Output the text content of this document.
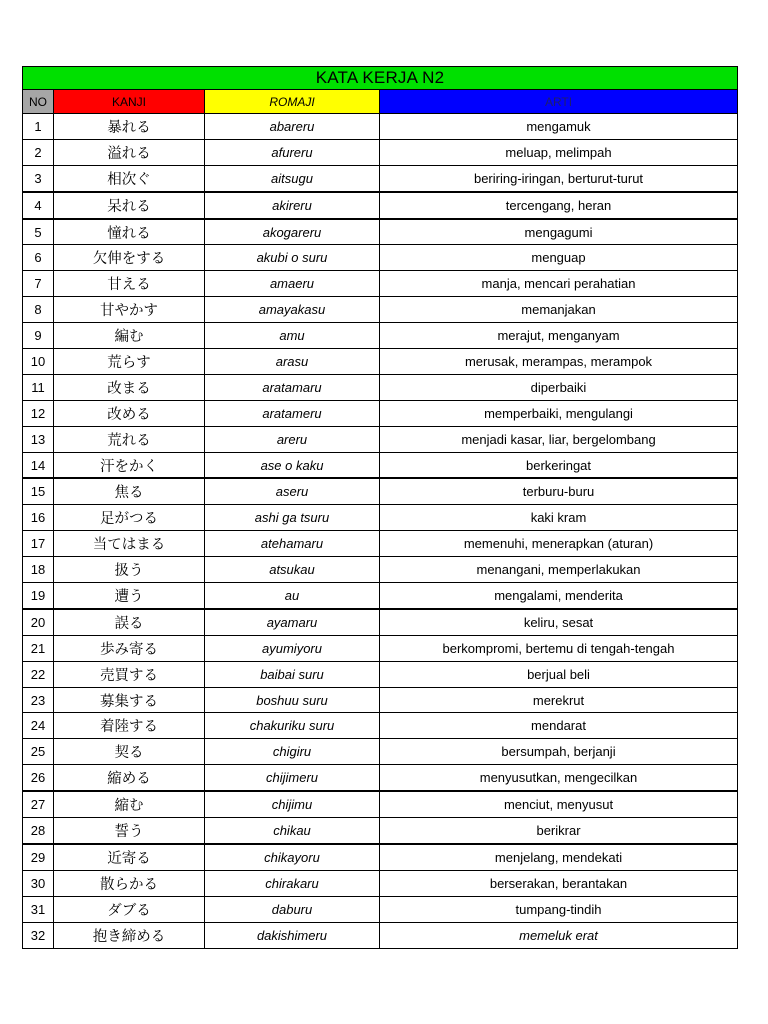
KATA KERJA N2			
NO	KANJI	ROMAJI	ARTI
1	暴れる	abareru	mengamuk
2	溢れる	afureru	meluap, melimpah
3	相次ぐ	aitsugu	beriring-iringan, berturut-turut
4	呆れる	akireru	tercengang, heran
5	憧れる	akogareru	mengagumi
6	欠伸をする	akubi o suru	menguap
7	甘える	amaeru	manja, mencari perahatian
8	甘やかす	amayakasu	memanjakan
9	編む	amu	merajut, menganyam
10	荒らす	arasu	merusak, merampas, merampok
11	改まる	aratamaru	diperbaiki
12	改める	aratameru	memperbaiki, mengulangi
13	荒れる	areru	menjadi kasar, liar, bergelombang
14	汗をかく	ase o kaku	berkeringat
15	焦る	aseru	terburu-buru
16	足がつる	ashi ga tsuru	kaki kram
17	当てはまる	atehamaru	memenuhi, menerapkan (aturan)
18	扱う	atsukau	menangani, memperlakukan
19	遭う	au	mengalami, menderita
20	誤る	ayamaru	keliru, sesat
21	歩み寄る	ayumiyoru	berkompromi, bertemu di tengah-tengah
22	売買する	baibai suru	berjual beli
23	募集する	boshuu suru	merekrut
24	着陸する	chakuriku suru	mendarat
25	契る	chigiru	bersumpah, berjanji
26	縮める	chijimeru	menyusutkan, mengecilkan
27	縮む	chijimu	menciut, menyusut
28	誓う	chikau	berikrar
29	近寄る	chikayoru	menjelang, mendekati
30	散らかる	chirakaru	berserakan, berantakan
31	ダブる	daburu	tumpang-tindih
32	抱き締める	dakishimeru	memeluk erat
